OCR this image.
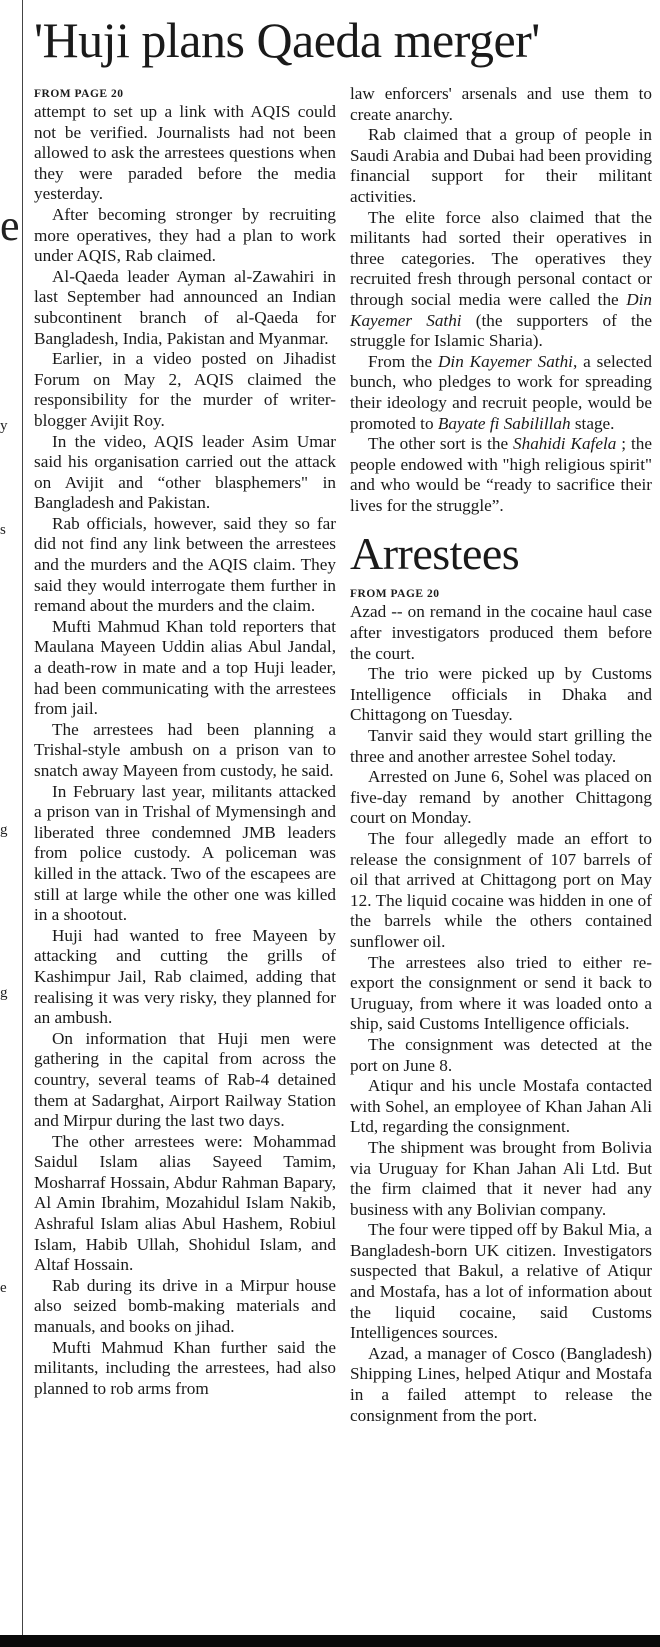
e
y
s
g
g
e
'Huji plans Qaeda merger'
FROM PAGE 20

attempt to set up a link with AQIS could not be verified. Journalists had not been allowed to ask the arrestees questions when they were paraded before the media yesterday.

After becoming stronger by recruiting more operatives, they had a plan to work under AQIS, Rab claimed.

Al-Qaeda leader Ayman al-Zawahiri in last September had announced an Indian subcontinent branch of al-Qaeda for Bangladesh, India, Pakistan and Myanmar.

Earlier, in a video posted on Jihadist Forum on May 2, AQIS claimed the responsibility for the murder of writer-blogger Avijit Roy.

In the video, AQIS leader Asim Umar said his organisation carried out the attack on Avijit and “other blasphemers" in Bangladesh and Pakistan.

Rab officials, however, said they so far did not find any link between the arrestees and the murders and the AQIS claim. They said they would interrogate them further in remand about the murders and the claim.

Mufti Mahmud Khan told reporters that Maulana Mayeen Uddin alias Abul Jandal, a death-row in mate and a top Huji leader, had been communicating with the arrestees from jail.

The arrestees had been planning a Trishal-style ambush on a prison van to snatch away Mayeen from custody, he said.

In February last year, militants attacked a prison van in Trishal of Mymensingh and liberated three condemned JMB leaders from police custody. A policeman was killed in the attack. Two of the escapees are still at large while the other one was killed in a shootout.

Huji had wanted to free Mayeen by attacking and cutting the grills of Kashimpur Jail, Rab claimed, adding that realising it was very risky, they planned for an ambush.

On information that Huji men were gathering in the capital from across the country, several teams of Rab-4 detained them at Sadarghat, Airport Railway Station and Mirpur during the last two days.

The other arrestees were: Mohammad Saidul Islam alias Sayeed Tamim, Mosharraf Hossain, Abdur Rahman Bapary, Al Amin Ibrahim, Mozahidul Islam Nakib, Ashraful Islam alias Abul Hashem, Robiul Islam, Habib Ullah, Shohidul Islam, and Altaf Hossain.

Rab during its drive in a Mirpur house also seized bomb-making materials and manuals, and books on jihad.

Mufti Mahmud Khan further said the militants, including the arrestees, had also planned to rob arms from

law enforcers' arsenals and use them to create anarchy.

Rab claimed that a group of people in Saudi Arabia and Dubai had been providing financial support for their militant activities.

The elite force also claimed that the militants had sorted their operatives in three categories. The operatives they recruited fresh through personal contact or through social media were called the Din Kayemer Sathi (the supporters of the struggle for Islamic Sharia).

From the Din Kayemer Sathi, a selected bunch, who pledges to work for spreading their ideology and recruit people, would be promoted to Bayate fi Sabilillah stage.

The other sort is the Shahidi Kafela ; the people endowed with "high religious spirit" and who would be “ready to sacrifice their lives for the struggle”.

Arrestees
FROM PAGE 20

Azad -- on remand in the cocaine haul case after investigators produced them before the court.

The trio were picked up by Customs Intelligence officials in Dhaka and Chittagong on Tuesday.

Tanvir said they would start grilling the three and another arrestee Sohel today.

Arrested on June 6, Sohel was placed on five-day remand by another Chittagong court on Monday.

The four allegedly made an effort to release the consignment of 107 barrels of oil that arrived at Chittagong port on May 12. The liquid cocaine was hidden in one of the barrels while the others contained sunflower oil.

The arrestees also tried to either re-export the consignment or send it back to Uruguay, from where it was loaded onto a ship, said Customs Intelligence officials.

The consignment was detected at the port on June 8.

Atiqur and his uncle Mostafa contacted with Sohel, an employee of Khan Jahan Ali Ltd, regarding the consignment.

The shipment was brought from Bolivia via Uruguay for Khan Jahan Ali Ltd. But the firm claimed that it never had any business with any Bolivian company.

The four were tipped off by Bakul Mia, a Bangladesh-born UK citizen. Investigators suspected that Bakul, a relative of Atiqur and Mostafa, has a lot of information about the liquid cocaine, said Customs Intelligences sources.

Azad, a manager of Cosco (Bangladesh) Shipping Lines, helped Atiqur and Mostafa in a failed attempt to release the consignment from the port.
